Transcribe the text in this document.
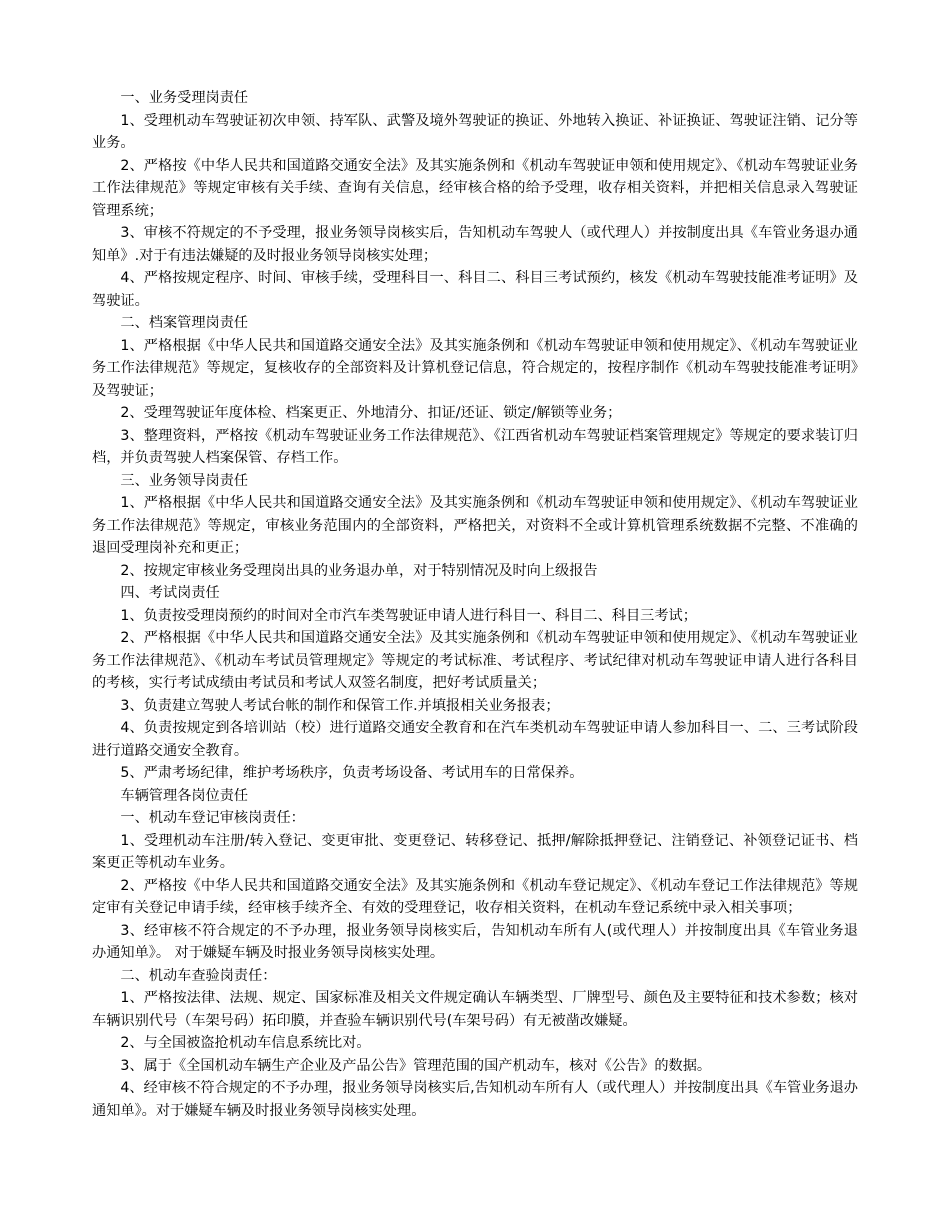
一、业务受理岗责任
1、受理机动车驾驶证初次申领、持军队、武警及境外驾驶证的换证、外地转入换证、补证换证、驾驶证注销、记分等业务。
2、严格按《中华人民共和国道路交通安全法》及其实施条例和《机动车驾驶证申领和使用规定》、《机动车驾驶证业务工作法律规范》等规定审核有关手续、查询有关信息，经审核合格的给予受理，收存相关资料，并把相关信息录入驾驶证管理系统；
3、审核不符规定的不予受理，报业务领导岗核实后，告知机动车驾驶人（或代理人）并按制度出具《车管业务退办通知单》.对于有违法嫌疑的及时报业务领导岗核实处理；
4、严格按规定程序、时间、审核手续，受理科目一、科目二、科目三考试预约，核发《机动车驾驶技能准考证明》及驾驶证。
二、档案管理岗责任
1、严格根据《中华人民共和国道路交通安全法》及其实施条例和《机动车驾驶证申领和使用规定》、《机动车驾驶证业务工作法律规范》等规定，复核收存的全部资料及计算机登记信息，符合规定的，按程序制作《机动车驾驶技能准考证明》及驾驶证；
2、受理驾驶证年度体检、档案更正、外地清分、扣证/还证、锁定/解锁等业务；
3、整理资料，严格按《机动车驾驶证业务工作法律规范》、《江西省机动车驾驶证档案管理规定》等规定的要求装订归档，并负责驾驶人档案保管、存档工作。
三、业务领导岗责任
1、严格根据《中华人民共和国道路交通安全法》及其实施条例和《机动车驾驶证申领和使用规定》、《机动车驾驶证业务工作法律规范》等规定，审核业务范围内的全部资料，严格把关，对资料不全或计算机管理系统数据不完整、不准确的退回受理岗补充和更正；
2、按规定审核业务受理岗出具的业务退办单，对于特别情况及时向上级报告
四、考试岗责任
1、负责按受理岗预约的时间对全市汽车类驾驶证申请人进行科目一、科目二、科目三考试；
2、严格根据《中华人民共和国道路交通安全法》及其实施条例和《机动车驾驶证申领和使用规定》、《机动车驾驶证业务工作法律规范》、《机动车考试员管理规定》等规定的考试标准、考试程序、考试纪律对机动车驾驶证申请人进行各科目的考核，实行考试成绩由考试员和考试人双签名制度，把好考试质量关；
3、负责建立驾驶人考试台帐的制作和保管工作.并填报相关业务报表；
4、负责按规定到各培训站（校）进行道路交通安全教育和在汽车类机动车驾驶证申请人参加科目一、二、三考试阶段进行道路交通安全教育。
5、严肃考场纪律，维护考场秩序，负责考场设备、考试用车的日常保养。
车辆管理各岗位责任
一、机动车登记审核岗责任：
1、受理机动车注册/转入登记、变更审批、变更登记、转移登记、抵押/解除抵押登记、注销登记、补领登记证书、档案更正等机动车业务。
2、严格按《中华人民共和国道路交通安全法》及其实施条例和《机动车登记规定》、《机动车登记工作法律规范》等规定审有关登记申请手续，经审核手续齐全、有效的受理登记，收存相关资料，在机动车登记系统中录入相关事项；
3、经审核不符合规定的不予办理，报业务领导岗核实后，告知机动车所有人(或代理人）并按制度出具《车管业务退办通知单》。 对于嫌疑车辆及时报业务领导岗核实处理。
二、机动车查验岗责任：
1、严格按法律、法规、规定、国家标准及相关文件规定确认车辆类型、厂牌型号、颜色及主要特征和技术参数；核对车辆识别代号（车架号码）拓印膜，并查验车辆识别代号(车架号码）有无被凿改嫌疑。
2、与全国被盗抢机动车信息系统比对。
3、属于《全国机动车辆生产企业及产品公告》管理范围的国产机动车，核对《公告》的数据。
4、经审核不符合规定的不予办理，报业务领导岗核实后,告知机动车所有人（或代理人）并按制度出具《车管业务退办通知单》。对于嫌疑车辆及时报业务领导岗核实处理。
